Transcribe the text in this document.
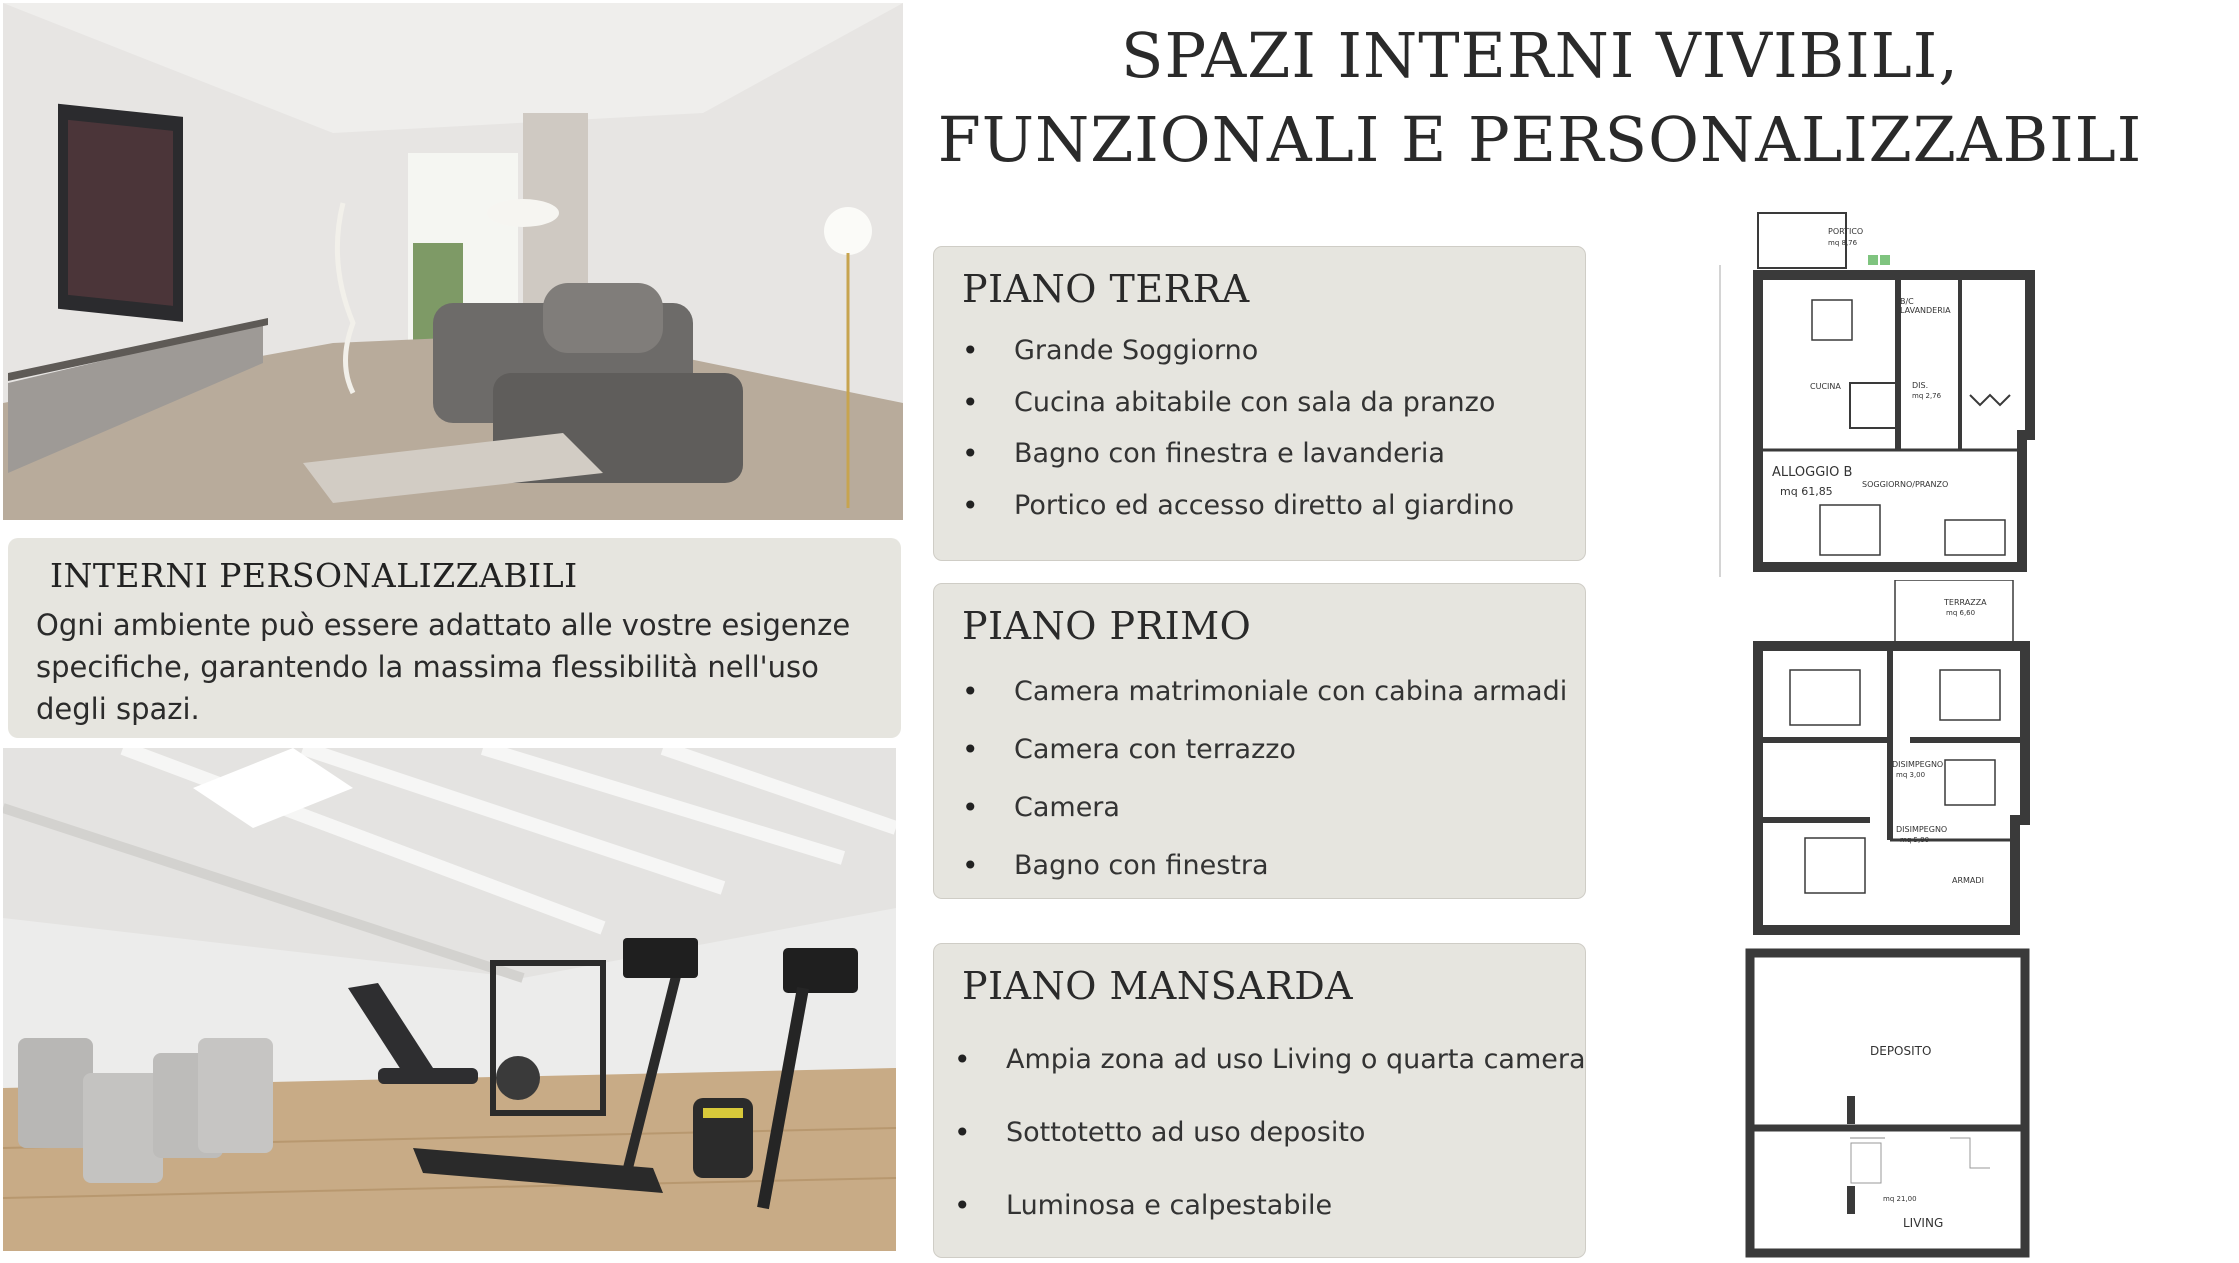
INTERNI PERSONALIZZABILI
Ogni ambiente può essere adattato alle vostre esigenze specifiche, garantendo la massima flessibilità nell'uso degli spazi.
SPAZI INTERNI VIVIBILI,
FUNZIONALI E PERSONALIZZABILI
PIANO TERRA
• Grande Soggiorno
• Cucina abitabile con sala da pranzo
• Bagno con finestra e lavanderia
• Portico ed accesso diretto al giardino
PIANO PRIMO
• Camera matrimoniale con cabina armadi
• Camera con terrazzo
• Camera
• Bagno con finestra
PIANO MANSARDA
• Ampia zona ad uso Living o quarta camera
• Sottotetto ad uso deposito
• Luminosa e calpestabile
PORTICO
mq 8,76
B/C LAVANDERIA
CUCINA	DIS.
mq 2,76
ALLOGGIO B
mq 61,85
SOGGIORNO/PRANZO
TERRAZZA
mq 6,60
DISIMPEGNO
mq 3,00
DISIMPEGNO
mq 5,80
ARMADI
DEPOSITO
mq 21,00
LIVING
